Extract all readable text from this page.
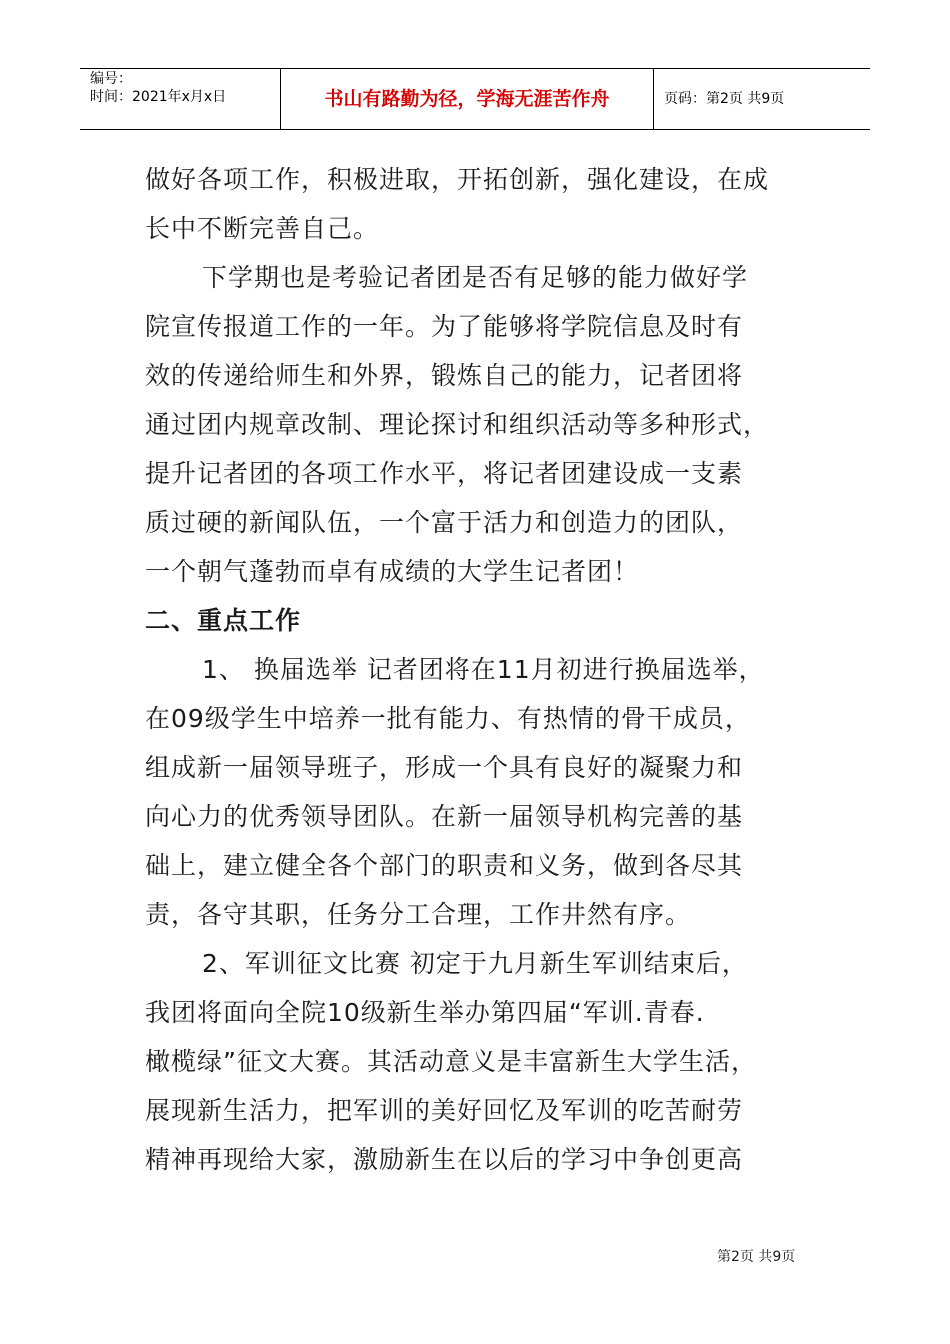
编号：
时间：2021年x月x日	书山有路勤为径，学海无涯苦作舟	页码：第2页 共9页
做好各项工作，积极进取，开拓创新，强化建设，在成
长中不断完善自己。
下学期也是考验记者团是否有足够的能力做好学
院宣传报道工作的一年。为了能够将学院信息及时有
效的传递给师生和外界，锻炼自己的能力，记者团将
通过团内规章改制、理论探讨和组织活动等多种形式，
提升记者团的各项工作水平，将记者团建设成一支素
质过硬的新闻队伍，一个富于活力和创造力的团队，
一个朝气蓬勃而卓有成绩的大学生记者团！
二、重点工作
1、 换届选举 记者团将在11月初进行换届选举，
在09级学生中培养一批有能力、有热情的骨干成员，
组成新一届领导班子，形成一个具有良好的凝聚力和
向心力的优秀领导团队。在新一届领导机构完善的基
础上，建立健全各个部门的职责和义务，做到各尽其
责，各守其职，任务分工合理，工作井然有序。
2、军训征文比赛 初定于九月新生军训结束后，
我团将面向全院10级新生举办第四届“军训.青春.
橄榄绿”征文大赛。其活动意义是丰富新生大学生活，
展现新生活力，把军训的美好回忆及军训的吃苦耐劳
精神再现给大家，激励新生在以后的学习中争创更高
第2页 共9页
